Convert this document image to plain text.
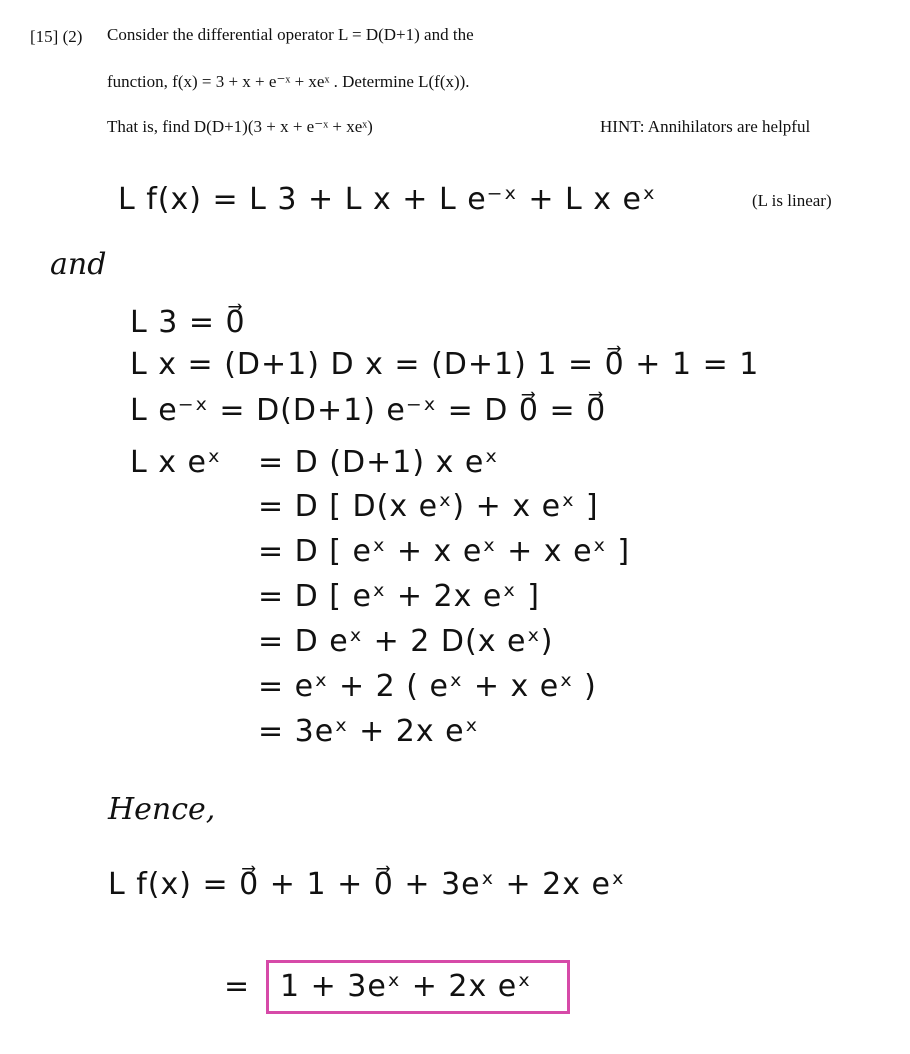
[15] (2) Consider the differential operator L = D(D+1) and the
function, f(x) = 3 + x + e⁻ˣ + xeˣ . Determine L(f(x)).
That is, find D(D+1)(3 + x + e⁻ˣ + xeˣ)	HINT: Annihilators are helpful
L f(x) = L 3 + L x + L e⁻ˣ + L x eˣ	(L is linear)
and
L 3 = 0⃗
L x = (D+1) D x = (D+1) 1 = 0⃗ + 1 = 1
L e⁻ˣ = D(D+1) e⁻ˣ = D 0⃗ = 0⃗
L x eˣ = D (D+1) x eˣ
= D [ D(x eˣ) + x eˣ ]
= D [ eˣ + x eˣ + x eˣ ]
= D [ eˣ + 2x eˣ ]
= D eˣ + 2 D(x eˣ)
= eˣ + 2 ( eˣ + x eˣ )
= 3eˣ + 2x eˣ
Hence,
L f(x) = 0⃗ + 1 + 0⃗ + 3eˣ + 2x eˣ
= 1 + 3eˣ + 2x eˣ
